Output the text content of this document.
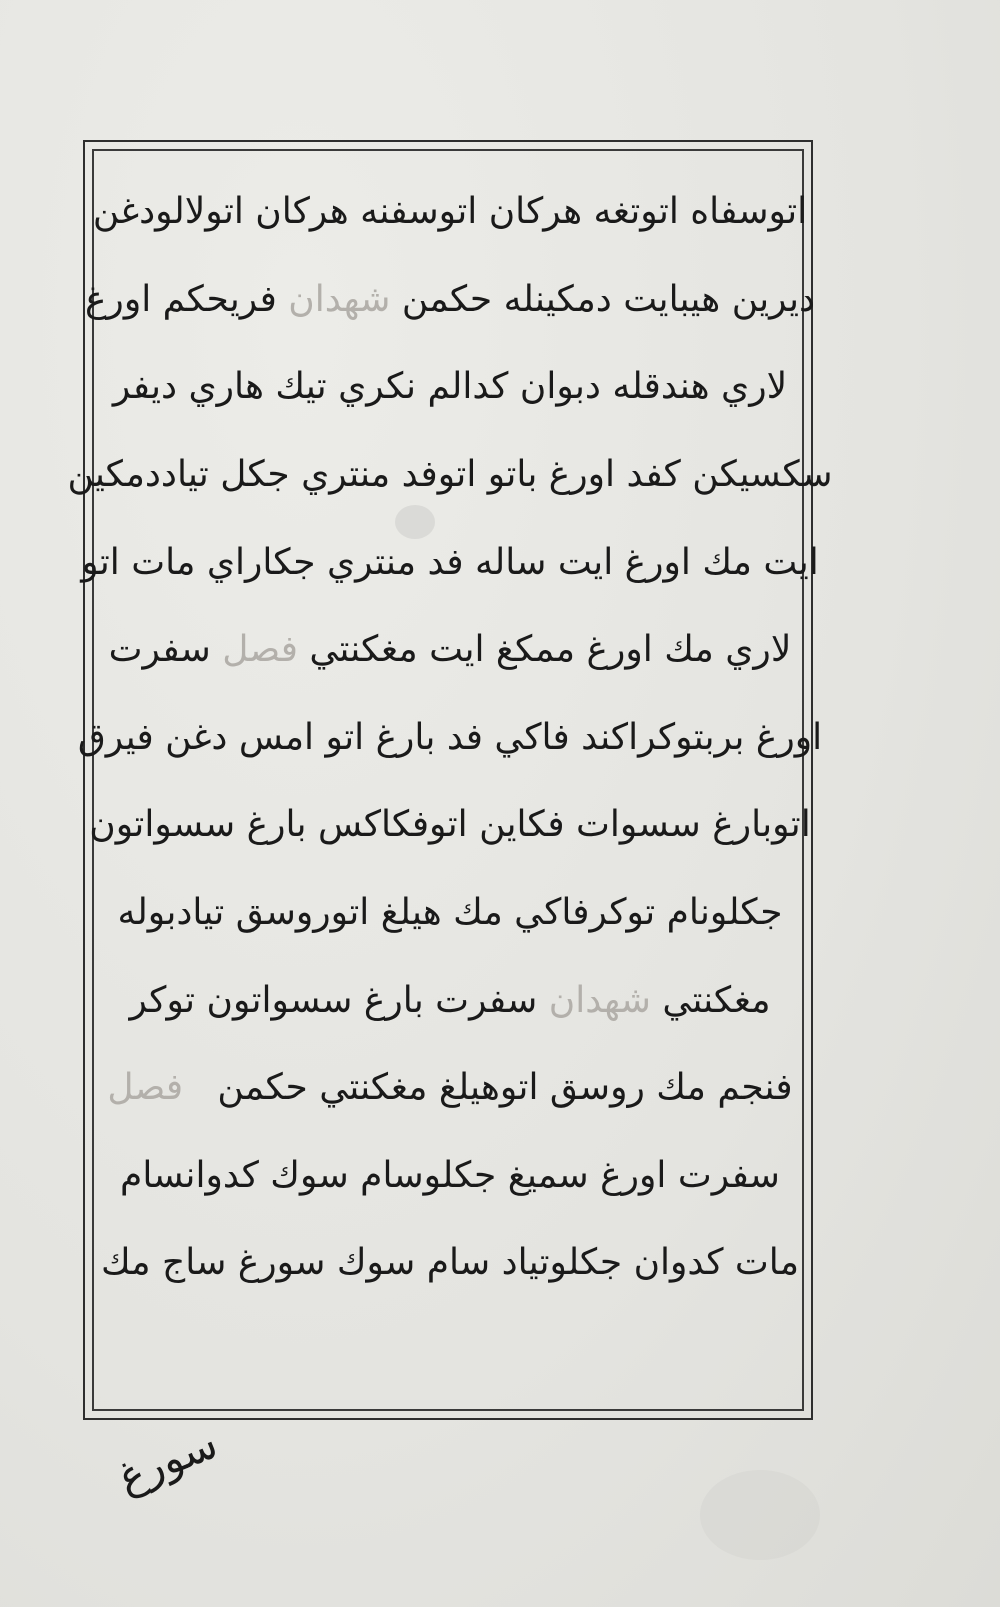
اتوسفاه اتوتغه هركان اتوسفنه هركان اتولالودغن
ديرين هيبايت دمكينله حكمن

شهدان

فريحكم اورغ
لاري هندقله دبوان كدالم نكري تيك هاري ديفر
سكسيكن كفد اورغ باتو اتوفد منتري جكل تياددمكين
ايت مك اورغ ايت ساله فد منتري جكاراي مات اتو
لاري مك اورغ ممكغ ايت مغكنتي

فصل

سفرت
اورغ بربتوكراكند فاكي فد بارغ اتو امس دغن فيرق
اتوبارغ سسوات فكاين اتوفكاكس بارغ سسواتون
جكلونام توكرفاكي مك هيلغ اتوروسق تيادبوله
مغكنتي

شهدان

سفرت بارغ سسواتون توكر
فنجم مك روسق اتوهيلغ مغكنتي حكمن

فصل
سفرت اورغ سميغ جكلوسام سوك كدوانسام
مات كدوان جكلوتياد سام سوك سورغ ساج مك
سورغ
